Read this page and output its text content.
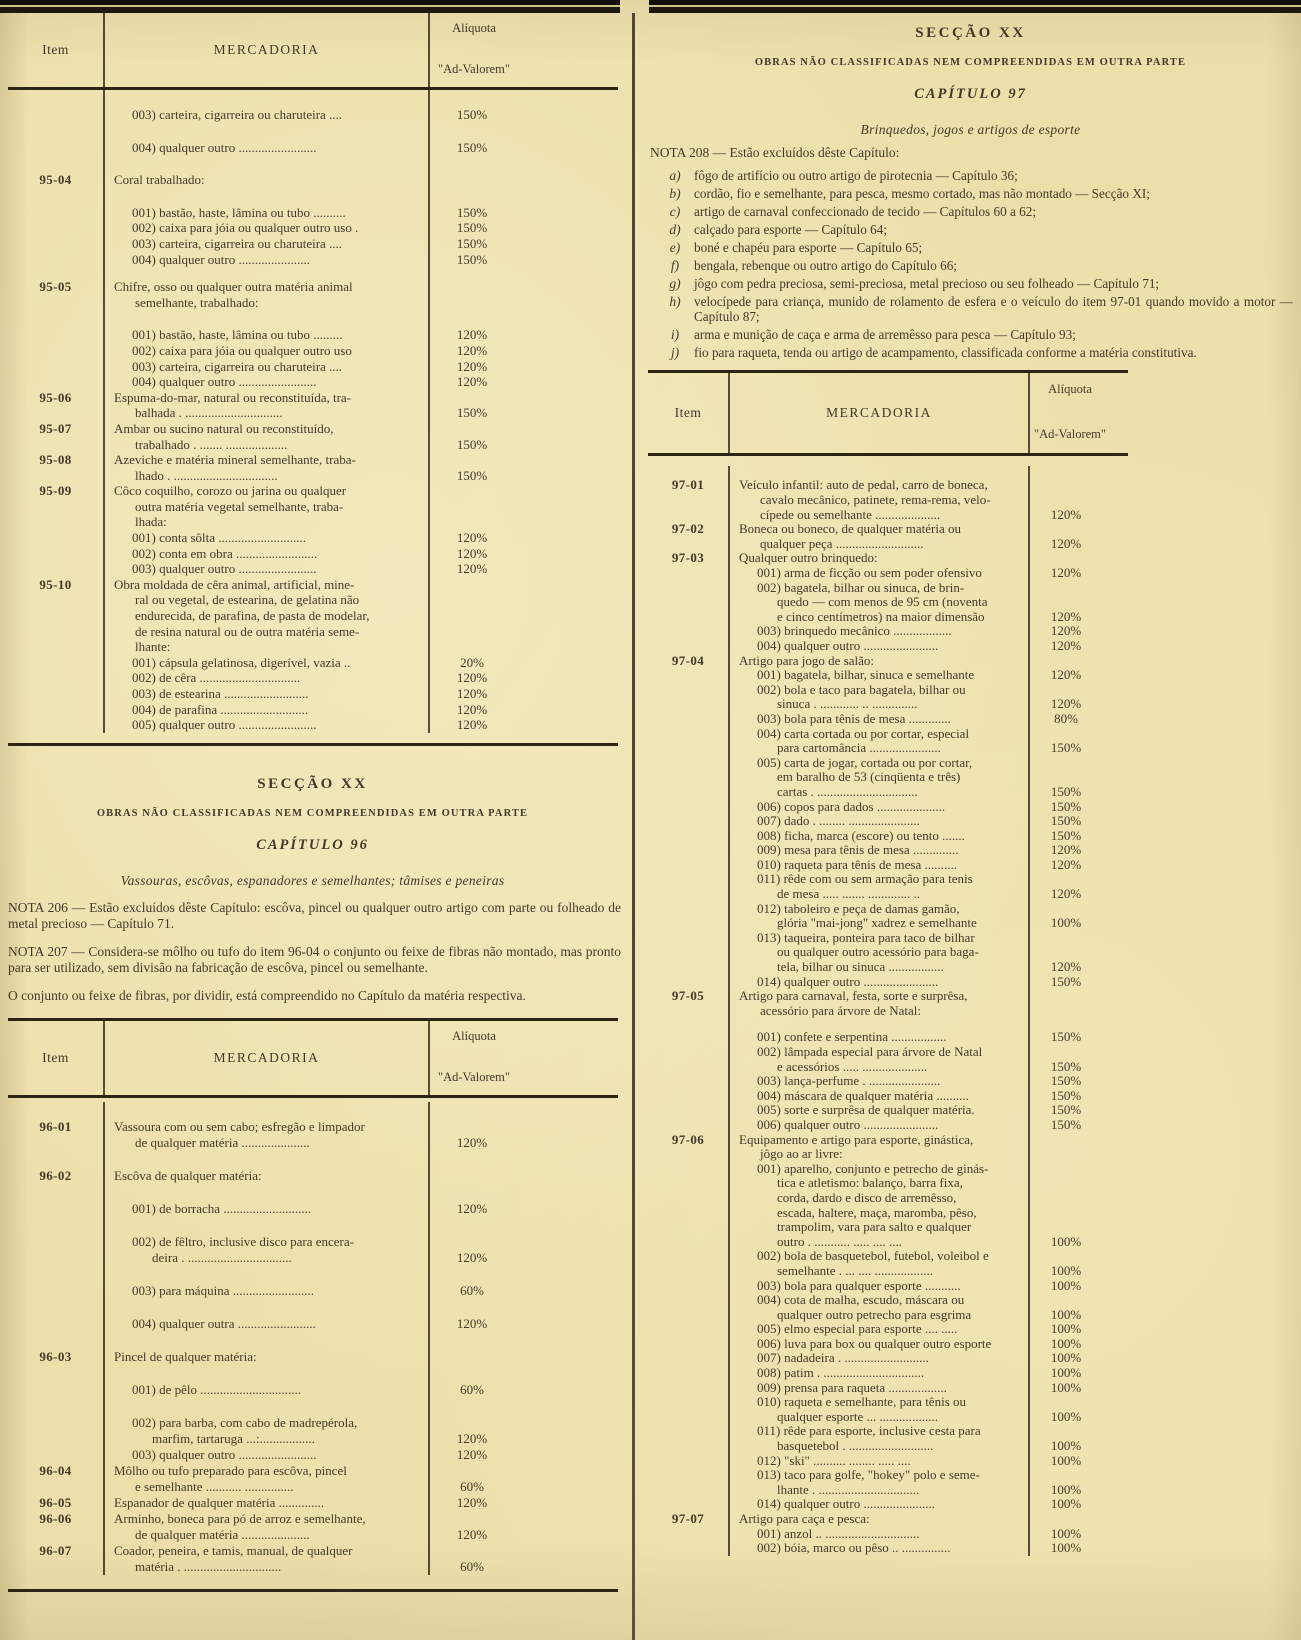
Item	MERCADORIA
Alíquota
"Ad-Valorem"
003) carteira, cigarreira ou charuteira ....	150%
004) qualquer outro ........................	150%
95-04	Coral trabalhado:
001) bastão, haste, lâmina ou tubo ..........	150%
002) caixa para jóia ou qualquer outro uso .	150%
003) carteira, cigarreira ou charuteira ....	150%
004) qualquer outro ......................	150%
95-05	Chifre, osso ou qualquer outra matéria animal
semelhante, trabalhado:
001) bastão, haste, lâmina ou tubo .........	120%
002) caixa para jóia ou qualquer outro uso	120%
003) carteira, cigarreira ou charuteira ....	120%
004) qualquer outro ........................	120%
95-06	Espuma-do-mar, natural ou reconstituída, tra-
balhada . ..............................	150%
95-07	Ambar ou sucino natural ou reconstituído,
trabalhado . ....... ...................	150%
95-08	Azeviche e matéria mineral semelhante, traba-
lhado . ................................	150%
95-09	Côco coquilho, corozo ou jarina ou qualquer
outra matéria vegetal semelhante, traba-
lhada:
001) conta sôlta ...........................	120%
002) conta em obra .........................	120%
003) qualquer outro ........................	120%
95-10	Obra moldada de cêra animal, artificial, mine-
ral ou vegetal, de estearina, de gelatina não
endurecida, de parafina, de pasta de modelar,
de resina natural ou de outra matéria seme-
lhante:
001) cápsula gelatinosa, digerível, vazia ..	20%
002) de cêra ...............................	120%
003) de estearina ..........................	120%
004) de parafina ...........................	120%
005) qualquer outro ........................	120%
SECÇÃO XX
OBRAS NÃO CLASSIFICADAS NEM COMPREENDIDAS EM OUTRA PARTE
CAPÍTULO 96
Vassouras, escôvas, espanadores e semelhantes; tâmises e peneiras
NOTA 206 — Estão excluídos dêste Capítulo: escôva, pincel ou qualquer outro artigo com parte ou folheado de metal precioso — Capítulo 71.
NOTA 207 — Considera-se môlho ou tufo do item 96-04 o conjunto ou feixe de fibras não montado, mas pronto para ser utilizado, sem divisão na fabricação de escôva, pincel ou semelhante.
O conjunto ou feixe de fibras, por dividir, está compreendido no Capítulo da matéria respectiva.
Item	MERCADORIA
Alíquota
"Ad-Valorem"
96-01	Vassoura com ou sem cabo; esfregão e limpador
de qualquer matéria .....................	120%
96-02	Escôva de qualquer matéria:
001) de borracha ...........................	120%
002) de fêltro, inclusive disco para encera-
deira . ................................	120%
003) para máquina .........................	60%
004) qualquer outra ........................	120%
96-03	Pincel de qualquer matéria:
001) de pêlo ...............................	60%
002) para barba, com cabo de madrepérola,
marfim, tartaruga ...:.................	120%
003) qualquer outro ........................	120%
96-04	Môlho ou tufo preparado para escôva, pincel
e semelhante ........... ...............	60%
96-05	Espanador de qualquer matéria ..............	120%
96-06	Arminho, boneca para pó de arroz e semelhante,
de qualquer matéria .....................	120%
96-07	Coador, peneira, e tamis, manual, de qualquer
matéria . ..............................	60%
SECÇÃO XX
OBRAS NÃO CLASSIFICADAS NEM COMPREENDIDAS EM OUTRA PARTE
CAPÍTULO 97
Brinquedos, jogos e artigos de esporte
NOTA 208 — Estão excluídos dêste Capítulo:
a)	fôgo de artifício ou outro artigo de pirotecnia — Capítulo 36;
b)	cordão, fio e semelhante, para pesca, mesmo cortado, mas não montado — Secção XI;
c)	artigo de carnaval confeccionado de tecido — Capítulos 60 a 62;
d)	calçado para esporte — Capítulo 64;
e)	boné e chapéu para esporte — Capítulo 65;
f)	bengala, rebenque ou outro artigo do Capítulo 66;
g)	jôgo com pedra preciosa, semi-preciosa, metal precioso ou seu folheado — Capítulo 71;
h)	velocípede para criança, munido de rolamento de esfera e o veículo do item 97-01 quando movido a motor — Capítulo 87;
i)	arma e munição de caça e arma de arremêsso para pesca — Capítulo 93;
j)	fio para raqueta, tenda ou artigo de acampamento, classificada conforme a matéria constitutiva.
Item	MERCADORIA
Alíquota
"Ad-Valorem"
97-01	Veículo infantil: auto de pedal, carro de boneca,
cavalo mecânico, patinete, rema-rema, velo-
cípede ou semelhante ....................	120%
97-02	Boneca ou boneco, de qualquer matéria ou
qualquer peça ...........................	120%
97-03	Qualquer outro brinquedo:
001) arma de ficção ou sem poder ofensivo	120%
002) bagatela, bilhar ou sinuca, de brin-
quedo — com menos de 95 cm (noventa
e cinco centímetros) na maior dimensão	120%
003) brinquedo mecânico ..................	120%
004) qualquer outro .......................	120%
97-04	Artigo para jogo de salão:
001) bagatela, bilhar, sinuca e semelhante	120%
002) bola e taco para bagatela, bilhar ou
sinuca . ............ .. ..............	120%
003) bola para tênis de mesa .............	80%
004) carta cortada ou por cortar, especial
para cartomância ......................	150%
005) carta de jogar, cortada ou por cortar,
em baralho de 53 (cinqüenta e três)
cartas . ...............................	150%
006) copos para dados .....................	150%
007) dado . ........ ......................	150%
008) ficha, marca (escore) ou tento .......	150%
009) mesa para tênis de mesa ..............	120%
010) raqueta para tênis de mesa ..........	120%
011) rêde com ou sem armação para tenis
de mesa ..... ....... ............. ..	120%
012) taboleiro e peça de damas gamão,
glória "mai-jong" xadrez e semelhante	100%
013) taqueira, ponteira para taco de bilhar
ou qualquer outro acessório para baga-
tela, bilhar ou sinuca .................	120%
014) qualquer outro .......................	150%
97-05	Artigo para carnaval, festa, sorte e surprêsa,
acessório para árvore de Natal:
001) confete e serpentina .................	150%
002) lâmpada especial para árvore de Natal
e acessórios ..... ....................	150%
003) lança-perfume . ......................	150%
004) máscara de qualquer matéria ..........	150%
005) sorte e surprêsa de qualquer matéria.	150%
006) qualquer outro .......................	150%
97-06	Equipamento e artigo para esporte, ginástica,
jôgo ao ar livre:
001) aparelho, conjunto e petrecho de ginás-
tica e atletismo: balanço, barra fixa,
corda, dardo e disco de arremêsso,
escada, haltere, maça, maromba, pêso,
trampolim, vara para salto e qualquer
outro . ........... ..... .... ....	100%
002) bola de basquetebol, futebol, voleibol e
semelhante . ... .... ..................	100%
003) bola para qualquer esporte ...........	100%
004) cota de malha, escudo, máscara ou
qualquer outro petrecho para esgrima	100%
005) elmo especial para esporte .... .....	100%
006) luva para box ou qualquer outro esporte	100%
007) nadadeira . ..........................	100%
008) patim . ...............................	100%
009) prensa para raqueta ..................	100%
010) raqueta e semelhante, para tênis ou
qualquer esporte ... ..................	100%
011) rêde para esporte, inclusive cesta para
basquetebol . ..........................	100%
012) "ski" .......... ........ ..... ....	100%
013) taco para golfe, "hokey" polo e seme-
lhante . ...............................	100%
014) qualquer outro ......................	100%
97-07	Artigo para caça e pesca:
001) anzol .. .............................	100%
002) bóia, marco ou pêso .. ...............	100%
